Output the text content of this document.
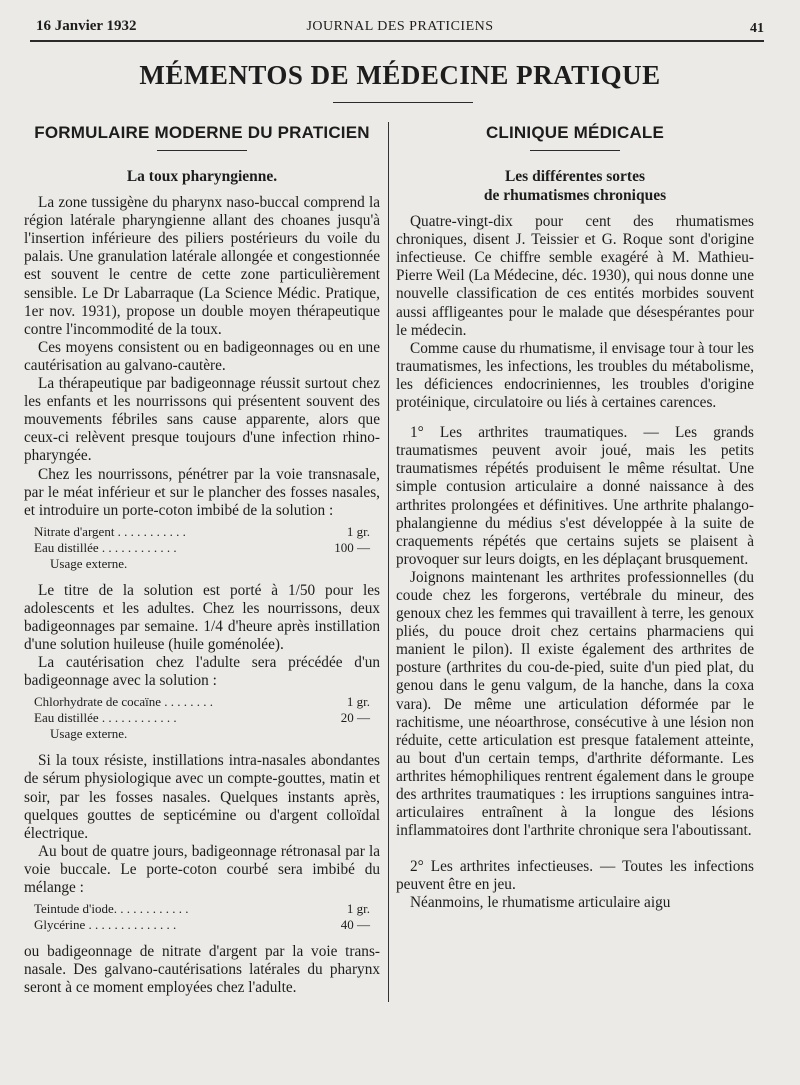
16 Janvier 1932	JOURNAL DES PRATICIENS	41
MÉMENTOS DE MÉDECINE PRATIQUE
FORMULAIRE MODERNE DU PRATICIEN
La toux pharyngienne.

La zone tussigène du pharynx naso-buccal comprend la région latérale pharyngienne allant des choanes jusqu'à l'insertion inférieure des piliers postérieurs du voile du palais. Une granulation latérale allongée et congestionnée est souvent le centre de cette zone particulièrement sensible. Le Dr Labarraque (La Science Médic. Pratique, 1er nov. 1931), propose un double moyen thérapeutique contre l'incommodité de la toux.

Ces moyens consistent ou en badigeonnages ou en une cautérisation au galvano-cautère.

La thérapeutique par badigeonnage réussit surtout chez les enfants et les nourrissons qui présentent souvent des mouvements fébriles sans cause apparente, alors que ceux-ci relèvent presque toujours d'une infection rhino-pharyngée.

Chez les nourrissons, pénétrer par la voie transnasale, par le méat inférieur et sur le plancher des fosses nasales, et introduire un porte-coton imbibé de la solution :

Nitrate d'argent . . . . . . . . . . .	1 gr.
Eau distillée . . . . . . . . . . . .	100 —
Usage externe.

Le titre de la solution est porté à 1/50 pour les adolescents et les adultes. Chez les nourrissons, deux badigeonnages par semaine. 1/4 d'heure après instillation d'une solution huileuse (huile goménolée).

La cautérisation chez l'adulte sera précédée d'un badigeonnage avec la solution :

Chlorhydrate de cocaïne . . . . . . . .	1 gr.
Eau distillée . . . . . . . . . . . .	20 —
Usage externe.

Si la toux résiste, instillations intra-nasales abondantes de sérum physiologique avec un compte-gouttes, matin et soir, par les fosses nasales. Quelques instants après, quelques gouttes de septicémine ou d'argent colloïdal électrique.

Au bout de quatre jours, badigeonnage rétronasal par la voie buccale. Le porte-coton courbé sera imbibé du mélange :

Teintude d'iode. . . . . . . . . . . .	1 gr.
Glycérine . . . . . . . . . . . . . .	40 —

ou badigeonnage de nitrate d'argent par la voie trans-nasale. Des galvano-cautérisations latérales du pharynx seront à ce moment employées chez l'adulte.

CLINIQUE MÉDICALE
Les différentes sortes
de rhumatismes chroniques

Quatre-vingt-dix pour cent des rhumatismes chroniques, disent J. Teissier et G. Roque sont d'origine infectieuse. Ce chiffre semble exagéré à M. Mathieu-Pierre Weil (La Médecine, déc. 1930), qui nous donne une nouvelle classification de ces entités morbides souvent aussi affligeantes pour le malade que désespérantes pour le médecin.

Comme cause du rhumatisme, il envisage tour à tour les traumatismes, les infections, les troubles du métabolisme, les déficiences endocriniennes, les troubles d'origine protéinique, circulatoire ou liés à certaines carences.

1° Les arthrites traumatiques. — Les grands traumatismes peuvent avoir joué, mais les petits traumatismes répétés produisent le même résultat. Une simple contusion articulaire a donné naissance à des arthrites prolongées et définitives. Une arthrite phalango-phalangienne du médius s'est développée à la suite de craquements répétés que certains sujets se plaisent à provoquer sur leurs doigts, en les déplaçant brusquement.

Joignons maintenant les arthrites professionnelles (du coude chez les forgerons, vertébrale du mineur, des genoux chez les femmes qui travaillent à terre, les genoux pliés, du pouce droit chez certains pharmaciens qui manient le pilon). Il existe également des arthrites de posture (arthrites du cou-de-pied, suite d'un pied plat, du genou dans le genu valgum, de la hanche, dans la coxa vara). De même une articulation déformée par le rachitisme, une néoarthrose, consécutive à une lésion non réduite, cette articulation est presque fatalement atteinte, au bout d'un certain temps, d'arthrite déformante. Les arthrites hémophiliques rentrent également dans le groupe des arthrites traumatiques : les irruptions sanguines intra-articulaires entraînent à la longue des lésions inflammatoires dont l'arthrite chronique sera l'aboutissant.

2° Les arthrites infectieuses. — Toutes les infections peuvent être en jeu.

Néanmoins, le rhumatisme articulaire aigu
